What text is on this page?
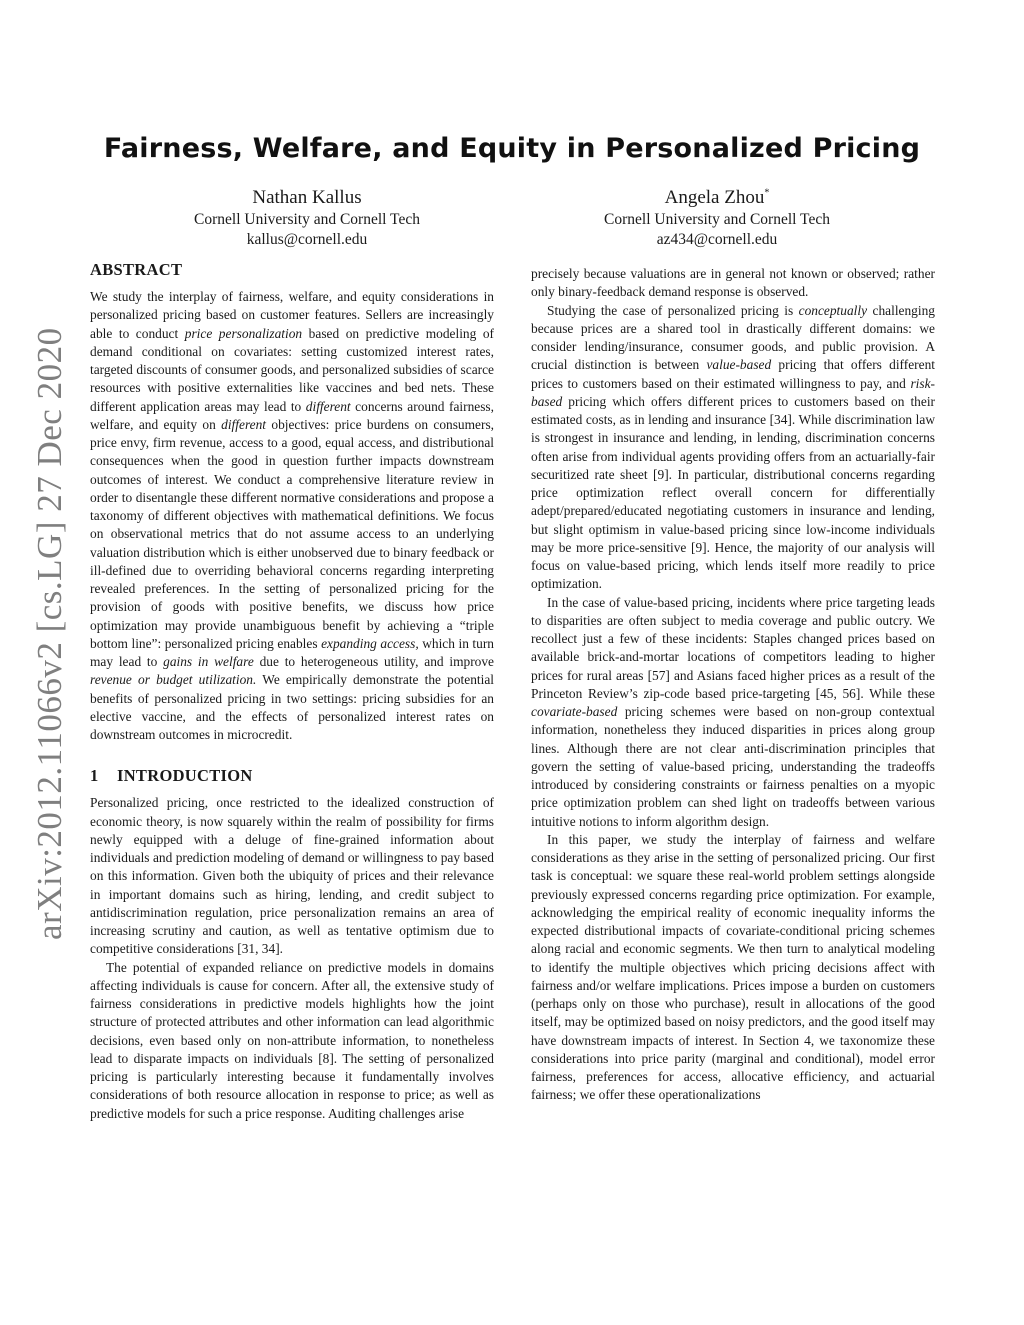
arXiv:2012.11066v2 [cs.LG] 27 Dec 2020
Fairness, Welfare, and Equity in Personalized Pricing
Nathan Kallus
Cornell University and Cornell Tech
kallus@cornell.edu
Angela Zhou*
Cornell University and Cornell Tech
az434@cornell.edu
ABSTRACT

We study the interplay of fairness, welfare, and equity considerations in personalized pricing based on customer features. Sellers are increasingly able to conduct price personalization based on predictive modeling of demand conditional on covariates: setting customized interest rates, targeted discounts of consumer goods, and personalized subsidies of scarce resources with positive externalities like vaccines and bed nets. These different application areas may lead to different concerns around fairness, welfare, and equity on different objectives: price burdens on consumers, price envy, firm revenue, access to a good, equal access, and distributional consequences when the good in question further impacts downstream outcomes of interest. We conduct a comprehensive literature review in order to disentangle these different normative considerations and propose a taxonomy of different objectives with mathematical definitions. We focus on observational metrics that do not assume access to an underlying valuation distribution which is either unobserved due to binary feedback or ill-defined due to overriding behavioral concerns regarding interpreting revealed preferences. In the setting of personalized pricing for the provision of goods with positive benefits, we discuss how price optimization may provide unambiguous benefit by achieving a “triple bottom line”: personalized pricing enables expanding access, which in turn may lead to gains in welfare due to heterogeneous utility, and improve revenue or budget utilization. We empirically demonstrate the potential benefits of personalized pricing in two settings: pricing subsidies for an elective vaccine, and the effects of personalized interest rates on downstream outcomes in microcredit.

1 INTRODUCTION

Personalized pricing, once restricted to the idealized construction of economic theory, is now squarely within the realm of possibility for firms newly equipped with a deluge of fine-grained information about individuals and prediction modeling of demand or willingness to pay based on this information. Given both the ubiquity of prices and their relevance in important domains such as hiring, lending, and credit subject to antidiscrimination regulation, price personalization remains an area of increasing scrutiny and caution, as well as tentative optimism due to competitive considerations [31, 34].

The potential of expanded reliance on predictive models in domains affecting individuals is cause for concern. After all, the extensive study of fairness considerations in predictive models highlights how the joint structure of protected attributes and other information can lead algorithmic decisions, even based only on non-attribute information, to nonetheless lead to disparate impacts on individuals [8]. The setting of personalized pricing is particularly interesting because it fundamentally involves considerations of both resource allocation in response to price; as well as predictive models for such a price response. Auditing challenges arise

precisely because valuations are in general not known or observed; rather only binary-feedback demand response is observed.

Studying the case of personalized pricing is conceptually challenging because prices are a shared tool in drastically different domains: we consider lending/insurance, consumer goods, and public provision. A crucial distinction is between value-based pricing that offers different prices to customers based on their estimated willingness to pay, and risk-based pricing which offers different prices to customers based on their estimated costs, as in lending and insurance [34]. While discrimination law is strongest in insurance and lending, in lending, discrimination concerns often arise from individual agents providing offers from an actuarially-fair securitized rate sheet [9]. In particular, distributional concerns regarding price optimization reflect overall concern for differentially adept/prepared/educated negotiating customers in insurance and lending, but slight optimism in value-based pricing since low-income individuals may be more price-sensitive [9]. Hence, the majority of our analysis will focus on value-based pricing, which lends itself more readily to price optimization.

In the case of value-based pricing, incidents where price targeting leads to disparities are often subject to media coverage and public outcry. We recollect just a few of these incidents: Staples changed prices based on available brick-and-mortar locations of competitors leading to higher prices for rural areas [57] and Asians faced higher prices as a result of the Princeton Review’s zip-code based price-targeting [45, 56]. While these covariate-based pricing schemes were based on non-group contextual information, nonetheless they induced disparities in prices along group lines. Although there are not clear anti-discrimination principles that govern the setting of value-based pricing, understanding the tradeoffs introduced by considering constraints or fairness penalties on a myopic price optimization problem can shed light on tradeoffs between various intuitive notions to inform algorithm design.

In this paper, we study the interplay of fairness and welfare considerations as they arise in the setting of personalized pricing. Our first task is conceptual: we square these real-world problem settings alongside previously expressed concerns regarding price optimization. For example, acknowledging the empirical reality of economic inequality informs the expected distributional impacts of covariate-conditional pricing schemes along racial and economic segments. We then turn to analytical modeling to identify the multiple objectives which pricing decisions affect with fairness and/or welfare implications. Prices impose a burden on customers (perhaps only on those who purchase), result in allocations of the good itself, may be optimized based on noisy predictors, and the good itself may have downstream impacts of interest. In Section 4, we taxonomize these considerations into price parity (marginal and conditional), model error fairness, preferences for access, allocative efficiency, and actuarial fairness; we offer these operationalizations
